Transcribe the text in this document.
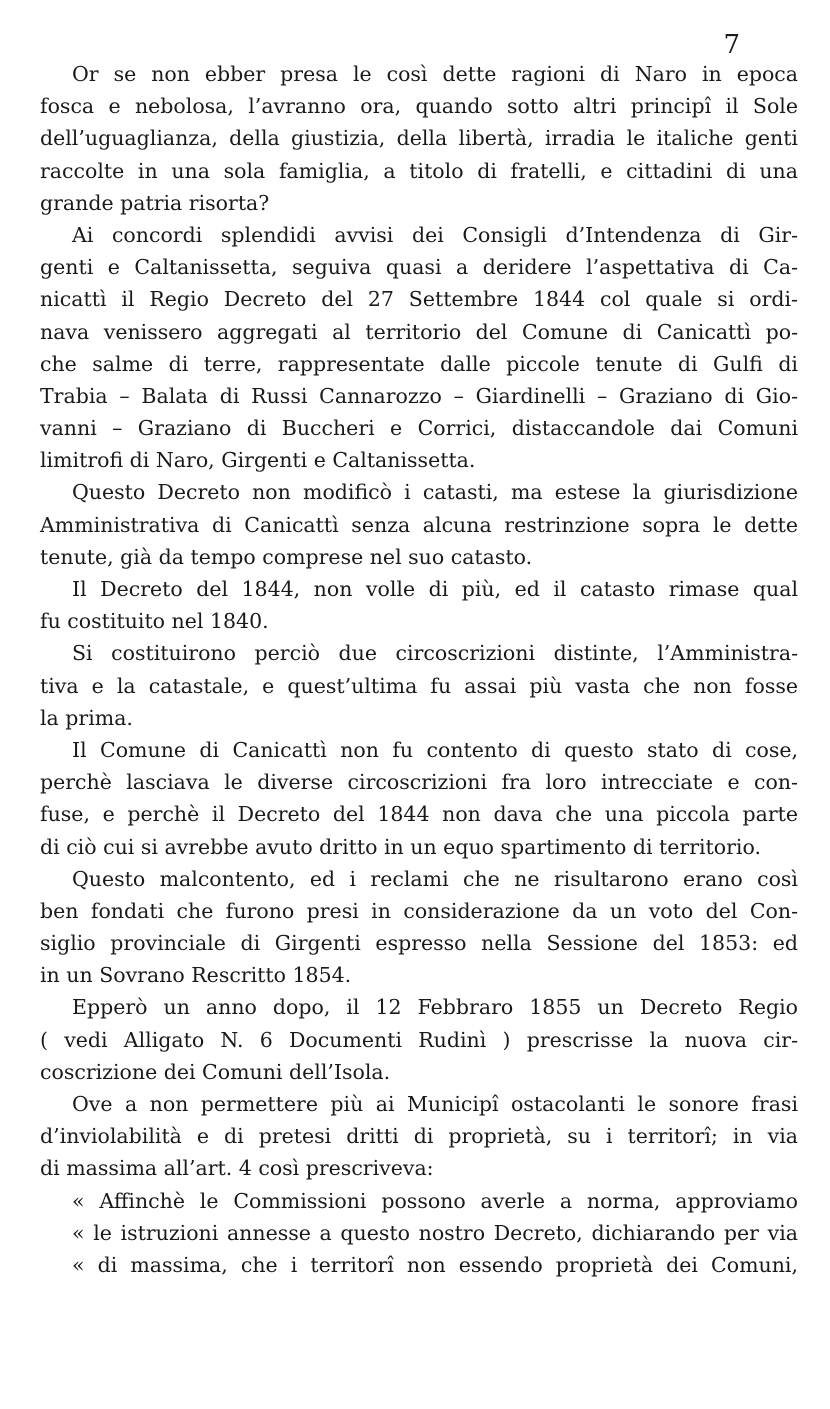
7
Or se non ebber presa le così dette ragioni di Naro in epoca
fosca e nebolosa, l’avranno ora, quando sotto altri principî il Sole
dell’uguaglianza, della giustizia, della libertà, irradia le italiche genti
raccolte in una sola famiglia, a titolo di fratelli, e cittadini di una
grande patria risorta?
Ai concordi splendidi avvisi dei Consigli d’Intendenza di Gir-
genti e Caltanissetta, seguiva quasi a deridere l’aspettativa di Ca-
nicattì il Regio Decreto del 27 Settembre 1844 col quale si ordi-
nava venissero aggregati al territorio del Comune di Canicattì po-
che salme di terre, rappresentate dalle piccole tenute di Gulfi di
Trabia – Balata di Russi Cannarozzo – Giardinelli – Graziano di Gio-
vanni – Graziano di Buccheri e Corrici, distaccandole dai Comuni
limitrofi di Naro, Girgenti e Caltanissetta.
Questo Decreto non modificò i catasti, ma estese la giurisdizione
Amministrativa di Canicattì senza alcuna restrinzione sopra le dette
tenute, già da tempo comprese nel suo catasto.
Il Decreto del 1844, non volle di più, ed il catasto rimase qual
fu costituito nel 1840.
Si costituirono perciò due circoscrizioni distinte, l’Amministra-
tiva e la catastale, e quest’ultima fu assai più vasta che non fosse
la prima.
Il Comune di Canicattì non fu contento di questo stato di cose,
perchè lasciava le diverse circoscrizioni fra loro intrecciate e con-
fuse, e perchè il Decreto del 1844 non dava che una piccola parte
di ciò cui si avrebbe avuto dritto in un equo spartimento di territorio.
Questo malcontento, ed i reclami che ne risultarono erano così
ben fondati che furono presi in considerazione da un voto del Con-
siglio provinciale di Girgenti espresso nella Sessione del 1853: ed
in un Sovrano Rescritto 1854.
Epperò un anno dopo, il 12 Febbraro 1855 un Decreto Regio
( vedi Alligato N. 6 Documenti Rudinì ) prescrisse la nuova cir-
coscrizione dei Comuni dell’Isola.
Ove a non permettere più ai Municipî ostacolanti le sonore frasi
d’inviolabilità e di pretesi dritti di proprietà, su i territorî; in via
di massima all’art. 4 così prescriveva:
« Affinchè le Commissioni possono averle a norma, approviamo
« le istruzioni annesse a questo nostro Decreto, dichiarando per via
« di massima, che i territorî non essendo proprietà dei Comuni,
